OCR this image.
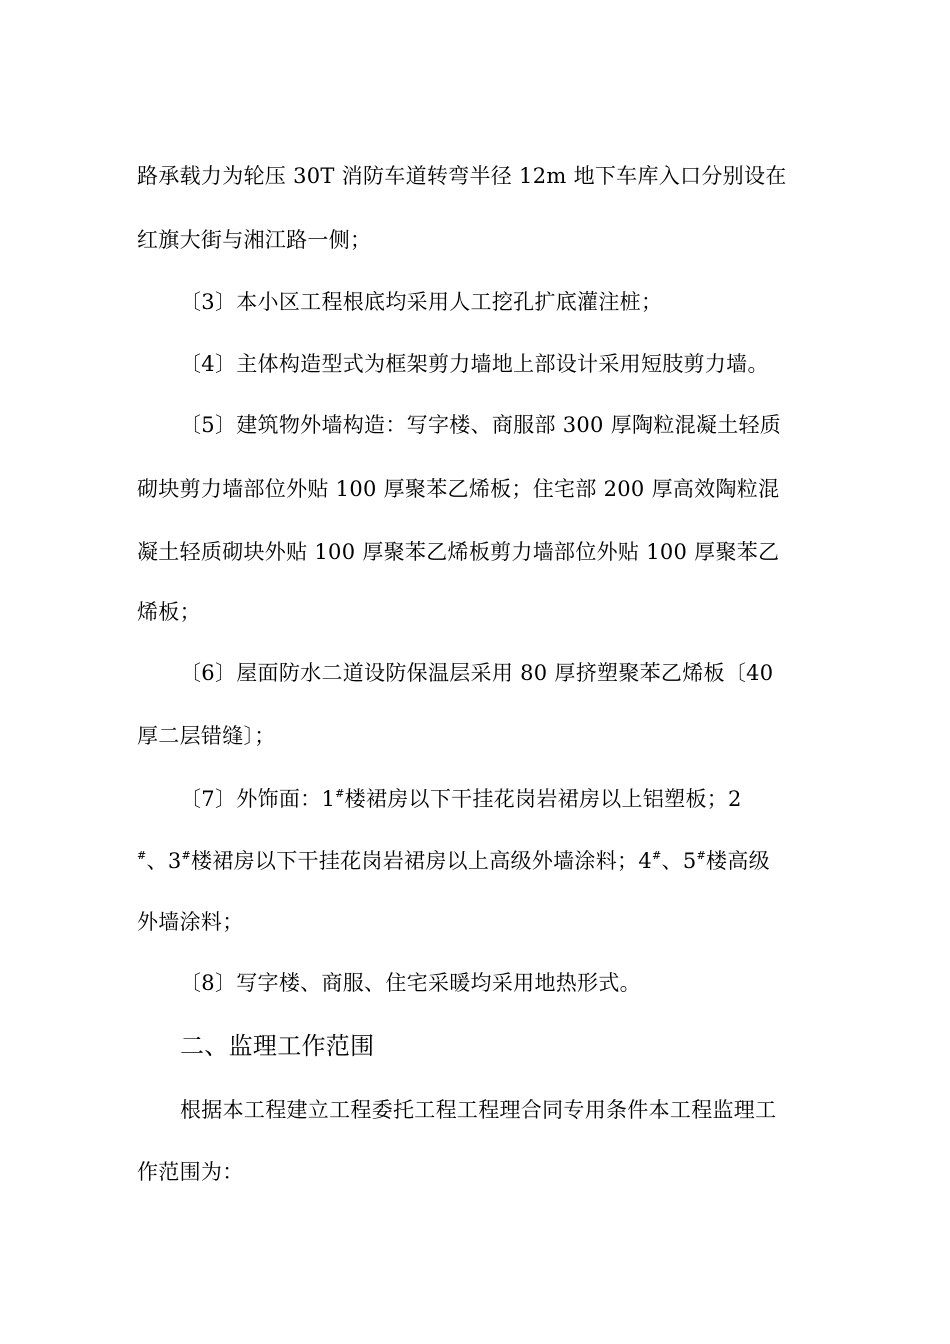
路承载力为轮压 30T 消防车道转弯半径 12m 地下车库入口分别设在
红旗大街与湘江路一侧；
〔3〕本小区工程根底均采用人工挖孔扩底灌注桩；
〔4〕主体构造型式为框架剪力墙地上部设计采用短肢剪力墙。
〔5〕建筑物外墙构造：写字楼、商服部 300 厚陶粒混凝土轻质
砌块剪力墙部位外贴 100 厚聚苯乙烯板；住宅部 200 厚高效陶粒混
凝土轻质砌块外贴 100 厚聚苯乙烯板剪力墙部位外贴 100 厚聚苯乙
烯板；
〔6〕屋面防水二道设防保温层采用 80 厚挤塑聚苯乙烯板〔40
厚二层错缝〕；
〔7〕外饰面：1#楼裙房以下干挂花岗岩裙房以上铝塑板；2
#、3#楼裙房以下干挂花岗岩裙房以上高级外墙涂料；4#、5#楼高级
外墙涂料；
〔8〕写字楼、商服、住宅采暖均采用地热形式。
二、监理工作范围
根据本工程建立工程委托工程工程理合同专用条件本工程监理工
作范围为：
